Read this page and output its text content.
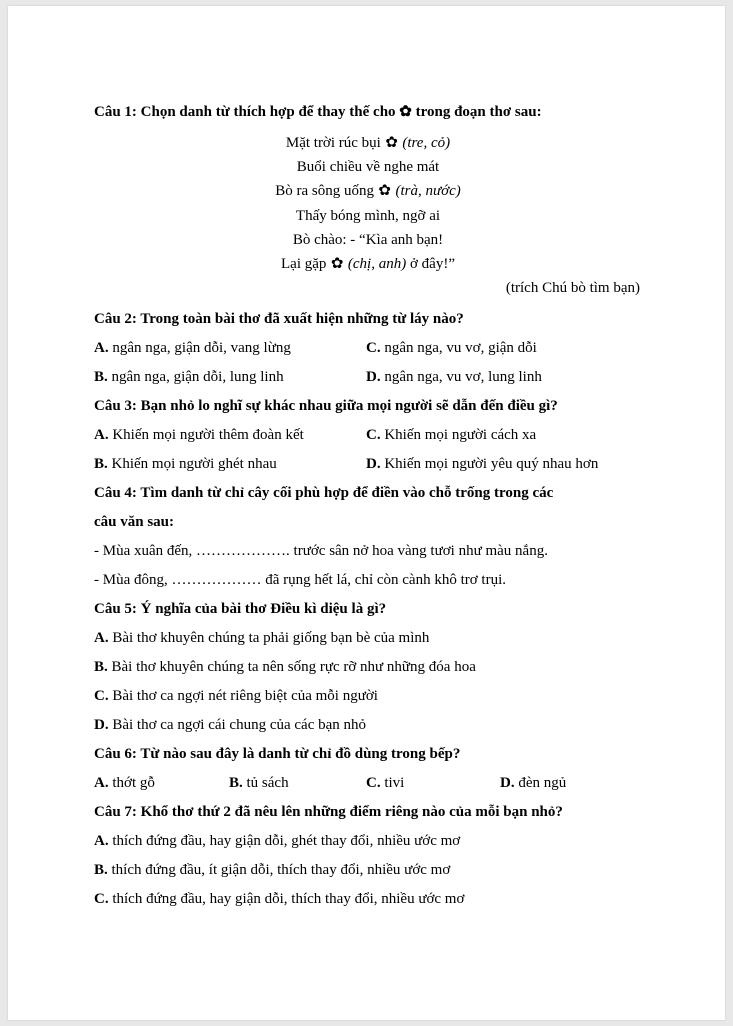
Câu 1: Chọn danh từ thích hợp để thay thế cho ✿ trong đoạn thơ sau:

Mặt trời rúc bụi ✿ (tre, cỏ)
Buổi chiều về nghe mát
Bò ra sông uống ✿ (trà, nước)
Thấy bóng mình, ngỡ ai
Bò chào: - “Kìa anh bạn!
Lại gặp ✿ (chị, anh) ở đây!”
(trích Chú bò tìm bạn)

Câu 2: Trong toàn bài thơ đã xuất hiện những từ láy nào?

A. ngân nga, giận dỗi, vang lừng	C. ngân nga, vu vơ, giận dỗi
B. ngân nga, giận dỗi, lung linh	D. ngân nga, vu vơ, lung linh

Câu 3: Bạn nhỏ lo nghĩ sự khác nhau giữa mọi người sẽ dẫn đến điều gì?

A. Khiến mọi người thêm đoàn kết	C. Khiến mọi người cách xa
B. Khiến mọi người ghét nhau	D. Khiến mọi người yêu quý nhau hơn

Câu 4: Tìm danh từ chỉ cây cối phù hợp để điền vào chỗ trống trong các

câu văn sau:

- Mùa xuân đến, ………………. trước sân nở hoa vàng tươi như màu nắng.
- Mùa đông, ……………… đã rụng hết lá, chỉ còn cành khô trơ trụi.

Câu 5: Ý nghĩa của bài thơ Điều kì diệu là gì?

A. Bài thơ khuyên chúng ta phải giống bạn bè của mình
B. Bài thơ khuyên chúng ta nên sống rực rỡ như những đóa hoa
C. Bài thơ ca ngợi nét riêng biệt của mỗi người
D. Bài thơ ca ngợi cái chung của các bạn nhỏ

Câu 6: Từ nào sau đây là danh từ chỉ đồ dùng trong bếp?

A. thớt gỗ	B. tủ sách	C. tivi	D. đèn ngủ

Câu 7: Khổ thơ thứ 2 đã nêu lên những điểm riêng nào của mỗi bạn nhỏ?

A. thích đứng đầu, hay giận dỗi, ghét thay đổi, nhiều ước mơ
B. thích đứng đầu, ít giận dỗi, thích thay đổi, nhiều ước mơ
C. thích đứng đầu, hay giận dỗi, thích thay đổi, nhiều ước mơ
